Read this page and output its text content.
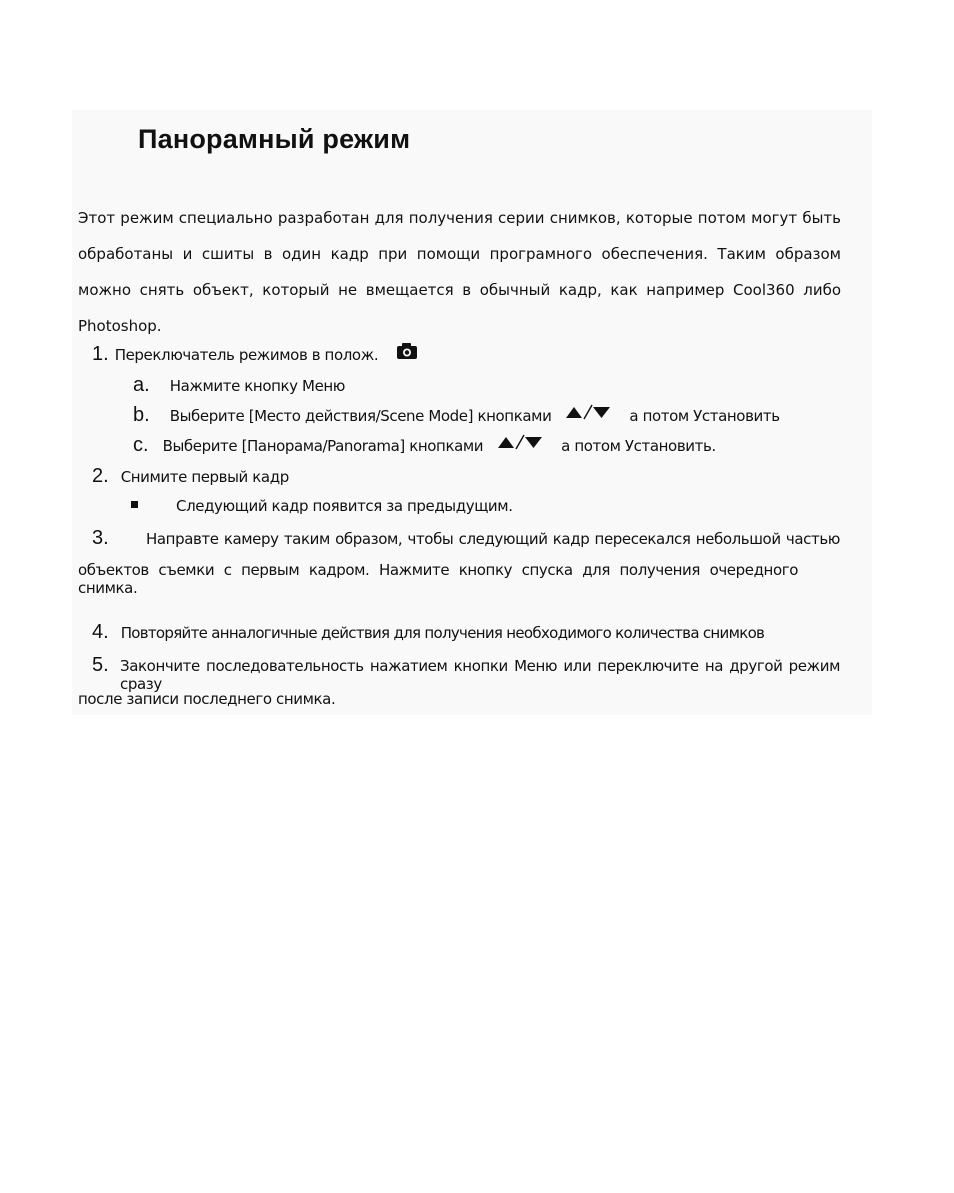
Панорамный режим
Этот режим специально разработан для получения серии снимков, которые потом могут быть обработаны и сшиты в один кадр при помощи програмного обеспечения. Таким образом можно снять объект, который не вмещается в обычный кадр, как например Cool360 либо Photoshop.
1. Переключатель режимов в полож.
a. Нажмите кнопку Меню
b. Выберите [Место действия/Scene Mode] кнопками	а потом Установить
c. Выберите [Панорама/Panorama] кнопками	а потом Установить.
2. Снимите первый кадр
Следующий кадр появится за предыдущим.
3.	Направте камеру таким образом, чтобы следующий кадр пересекался небольшой частью
объектов съемки с первым кадром. Нажмите кнопку спуска для получения очередного снимка.
4. Повторяйте анналогичные действия для получения необходимого количества снимков
5. Закончите последовательность нажатием кнопки Меню или переключите на другой режим сразу
после записи последнего снимка.
